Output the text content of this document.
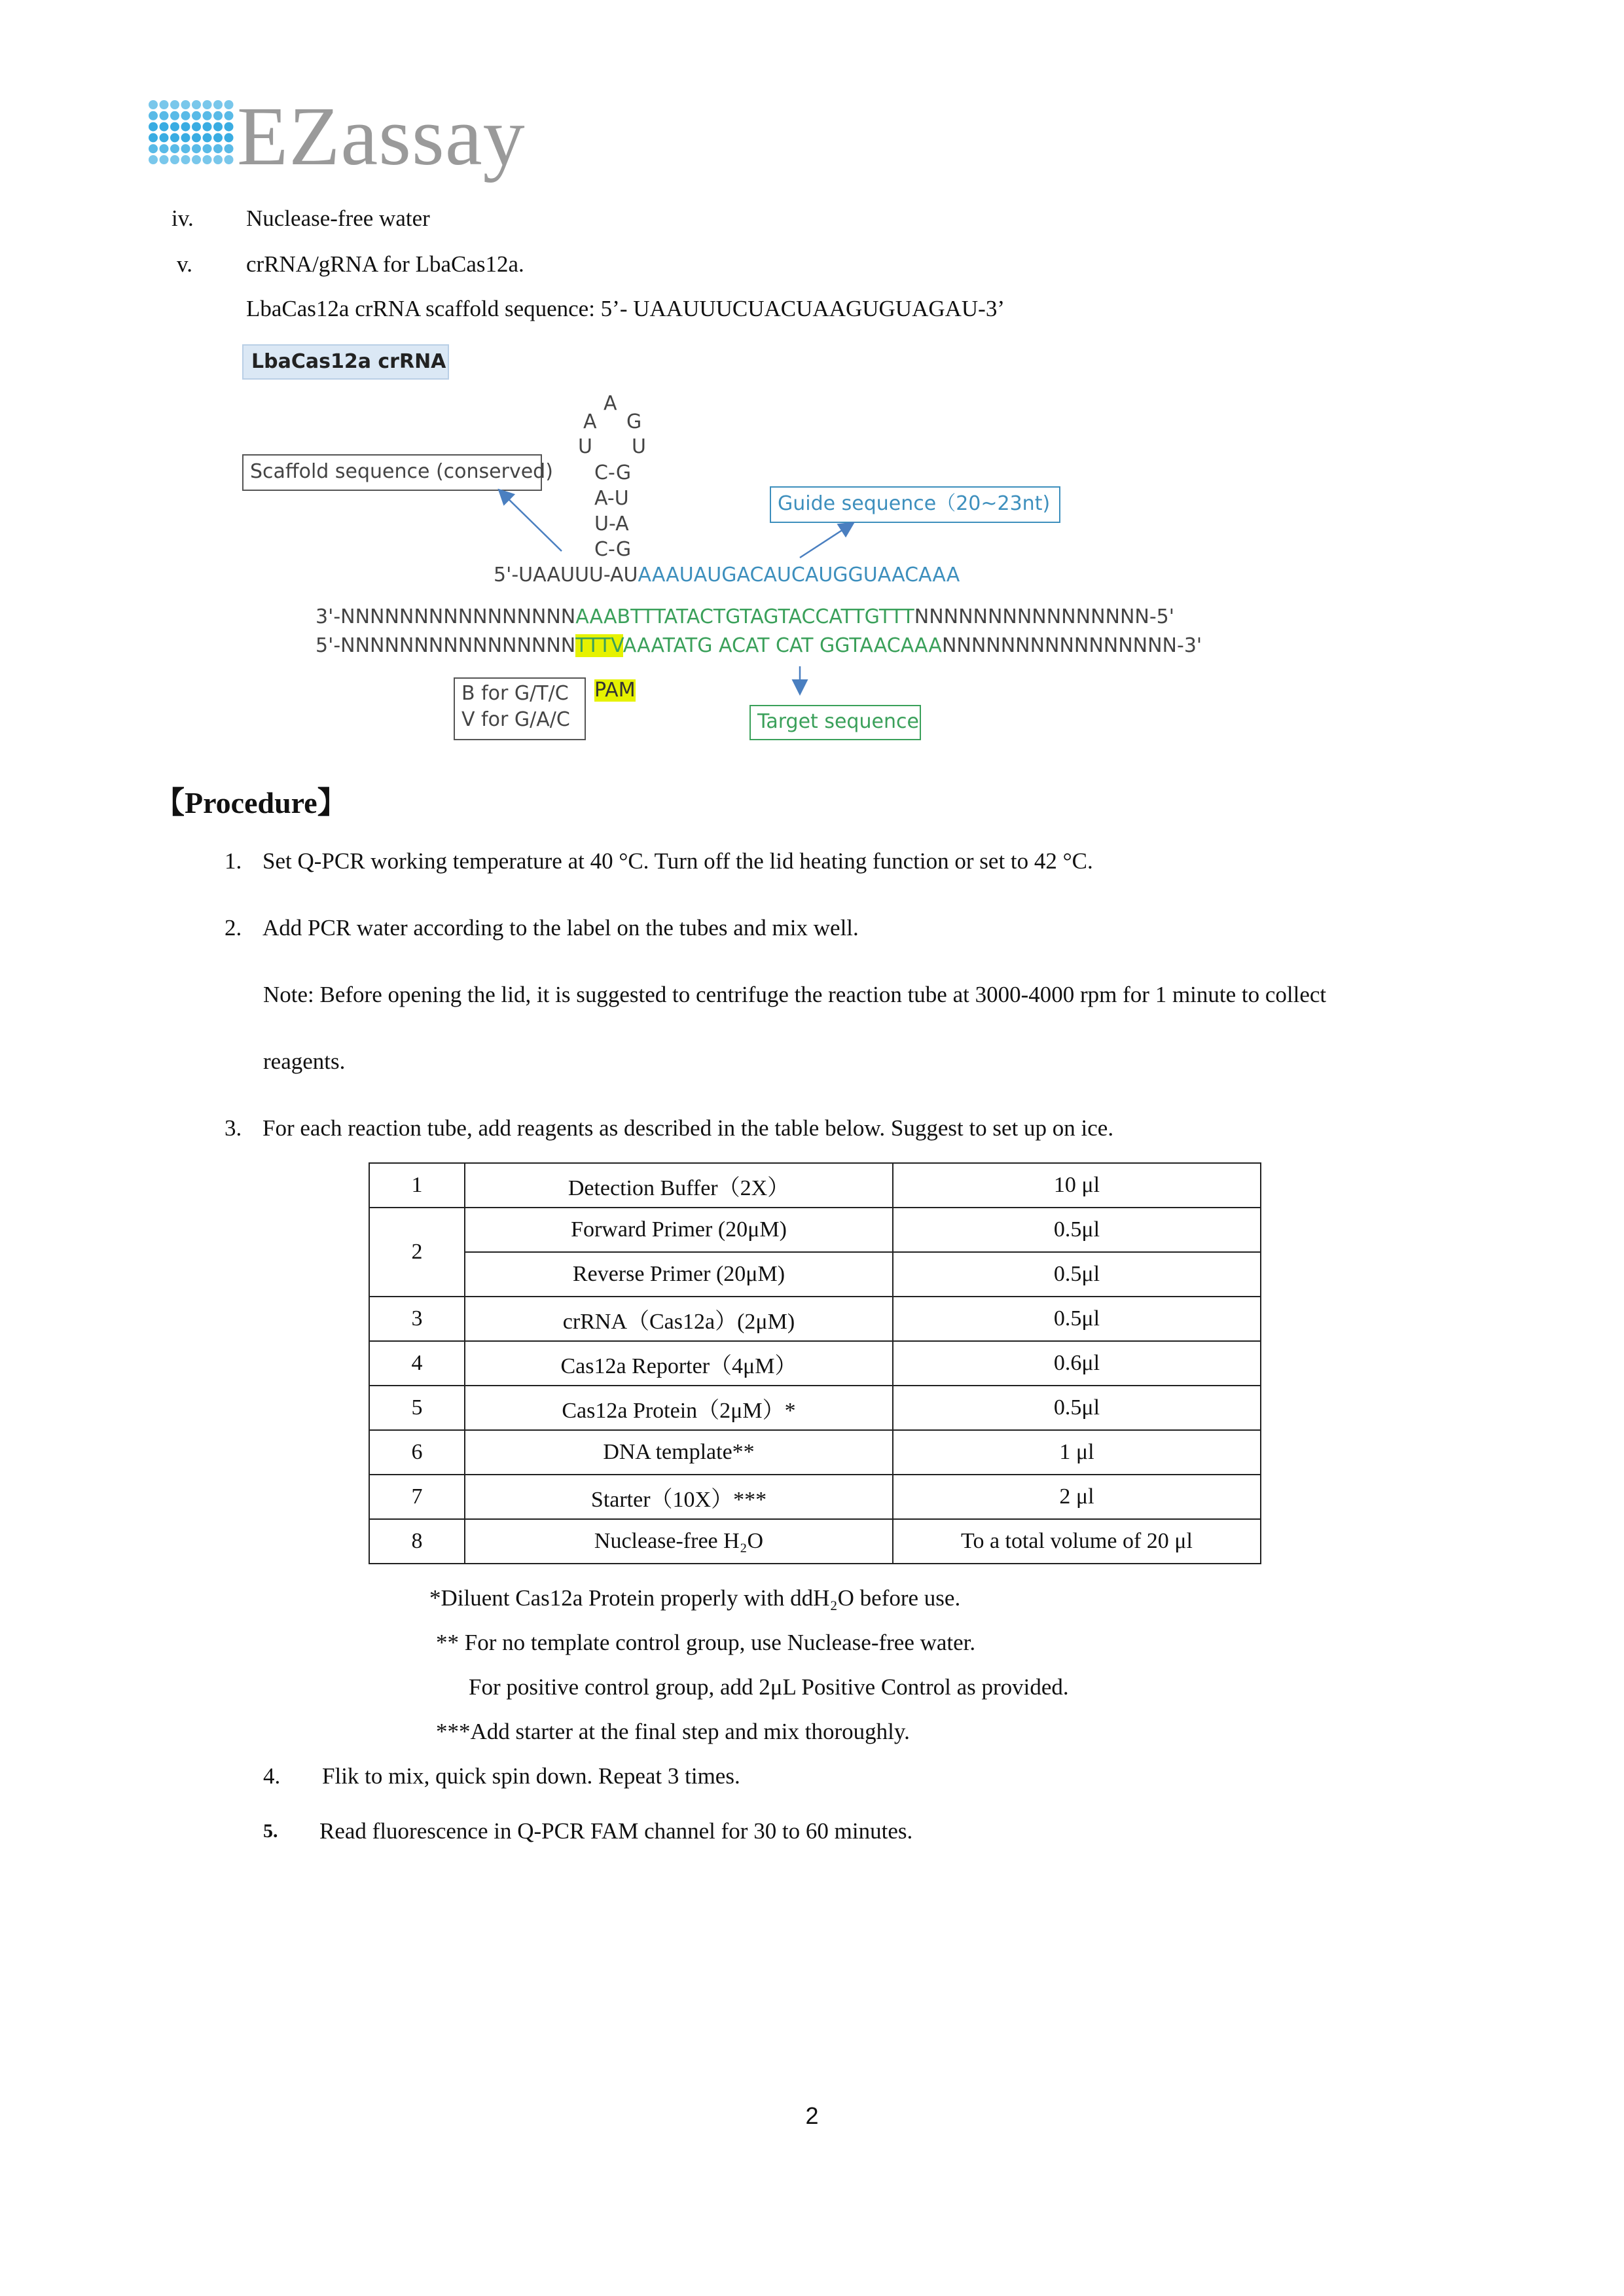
EZassay
iv. Nuclease-free water
v. crRNA/gRNA for LbaCas12a.
LbaCas12a crRNA scaffold sequence: 5’- UAAUUUCUACUAAGUGUAGAU-3’
LbaCas12a crRNA
A
A G
U U
C-G
A-U
U-A
C-G
5'-UAAUUU-AUAAAUAUGACAUCAUGGUAACAAA
Scaffold sequence (conserved)
Guide sequence（20~23nt)
3'-NNNNNNNNNNNNNNNNAAABTTTATACTGTAGTACCATTGTTTNNNNNNNNNNNNNNNN-5'
5'-NNNNNNNNNNNNNNNNTTTVAAATATG ACAT CAT GGTAACAAANNNNNNNNNNNNNNNN-3'
B for G/T/C
V for G/A/C
PAM
Target sequence
【Procedure】
1. Set Q-PCR working temperature at 40 °C. Turn off the lid heating function or set to 42 °C.
2. Add PCR water according to the label on the tubes and mix well.
Note: Before opening the lid, it is suggested to centrifuge the reaction tube at 3000-4000 rpm for 1 minute to collect
reagents.
3. For each reaction tube, add reagents as described in the table below. Suggest to set up on ice.
1	Detection Buffer（2X）	10 μl
2	Forward Primer (20μM)	0.5μl
	Reverse Primer (20μM)	0.5μl
3	crRNA（Cas12a）(2μM)	0.5μl
4	Cas12a Reporter（4μM）	0.6μl
5	Cas12a Protein（2μM）*	0.5μl
6	DNA template**	1 μl
7	Starter（10X）***	2 μl
8	Nuclease-free H₂O	To a total volume of 20 μl
*Diluent Cas12a Protein properly with ddH₂O before use.
** For no template control group, use Nuclease-free water.
For positive control group, add 2μL Positive Control as provided.
***Add starter at the final step and mix thoroughly.
4. Flik to mix, quick spin down. Repeat 3 times.
5. Read fluorescence in Q-PCR FAM channel for 30 to 60 minutes.
2
